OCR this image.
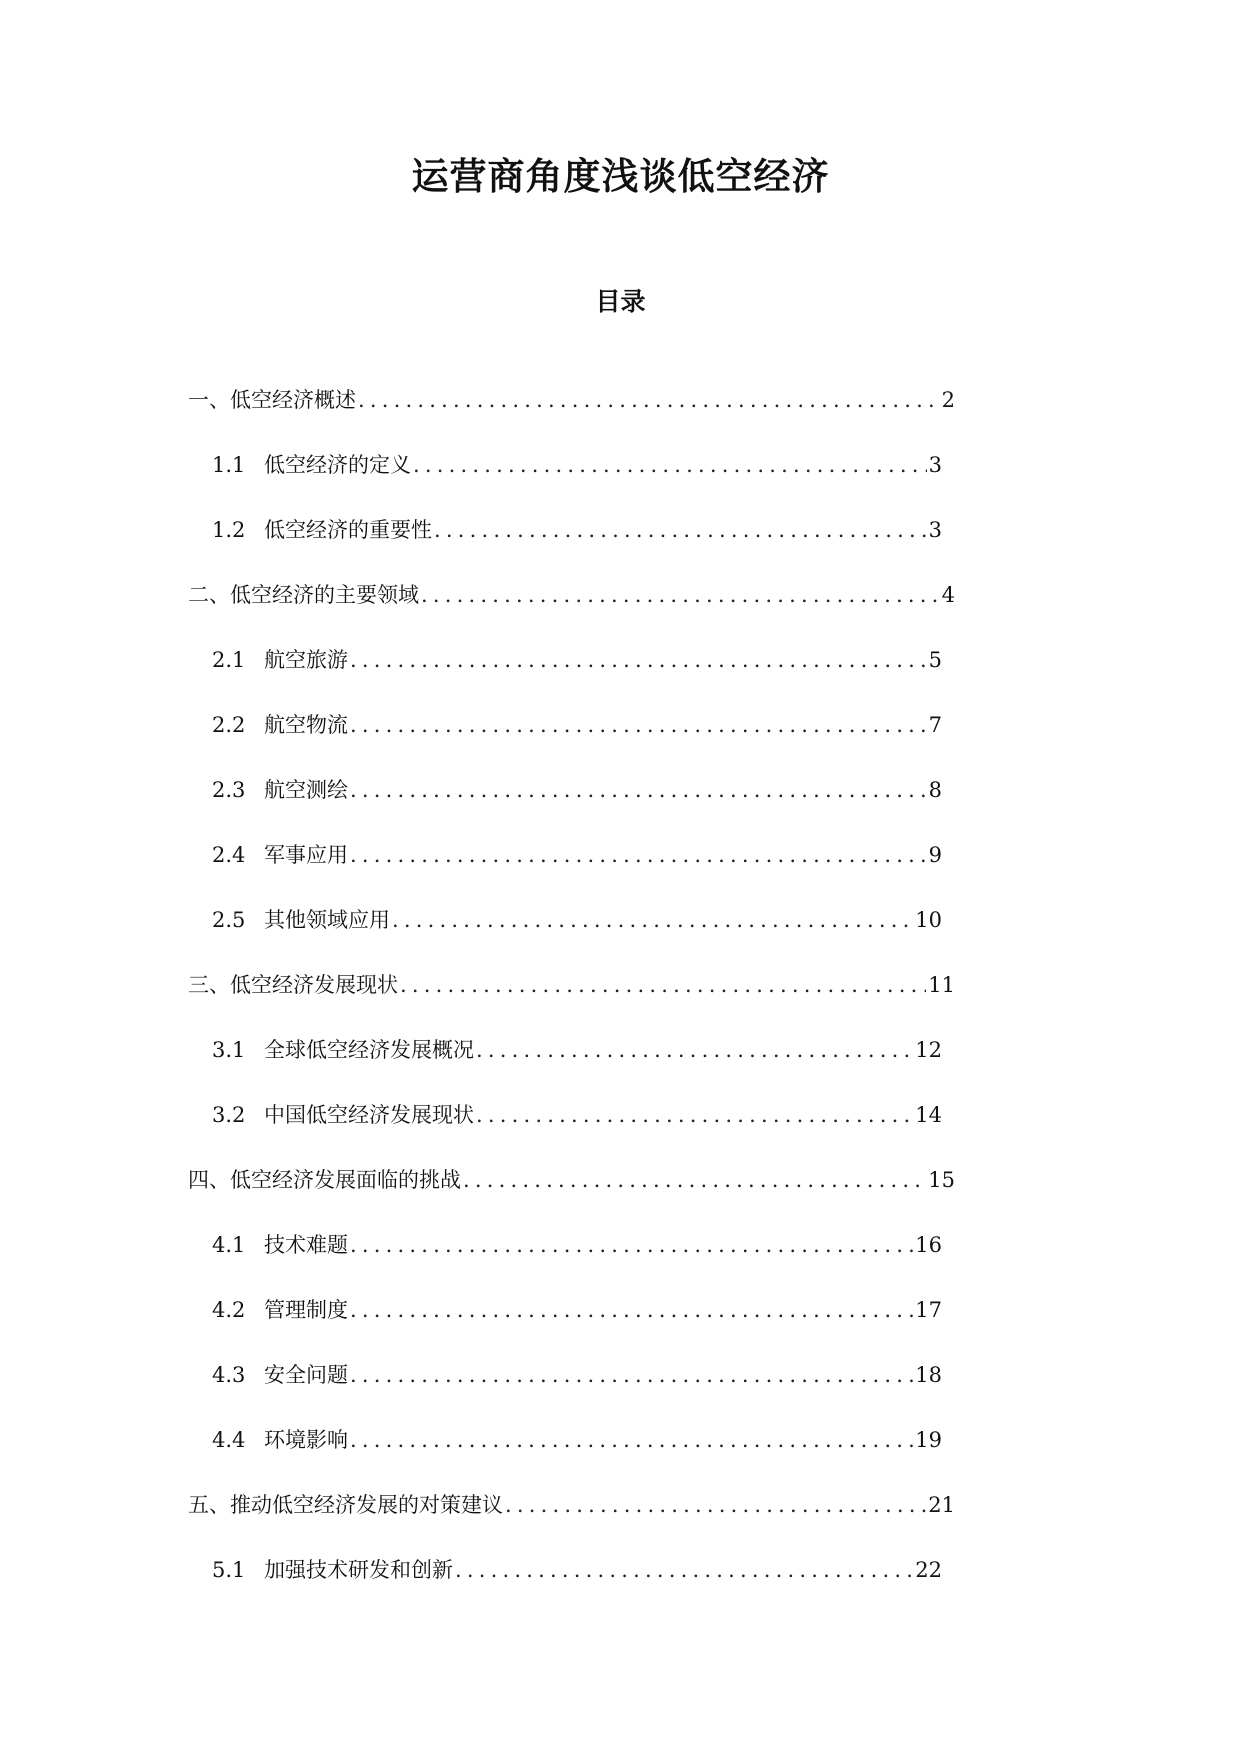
运营商角度浅谈低空经济
目录
一、低空经济概述 .....	2
1.1 低空经济的定义 .....	3
1.2 低空经济的重要性 .....	3
二、低空经济的主要领域 .....	4
2.1 航空旅游 .....	5
2.2 航空物流 .....	7
2.3 航空测绘 .....	8
2.4 军事应用 .....	9
2.5 其他领域应用 .....	10
三、低空经济发展现状 .....	11
3.1 全球低空经济发展概况 .....	12
3.2 中国低空经济发展现状 .....	14
四、低空经济发展面临的挑战 .....	15
4.1 技术难题 .....	16
4.2 管理制度 .....	17
4.3 安全问题 .....	18
4.4 环境影响 .....	19
五、推动低空经济发展的对策建议 .....	21
5.1 加强技术研发和创新 .....	22
